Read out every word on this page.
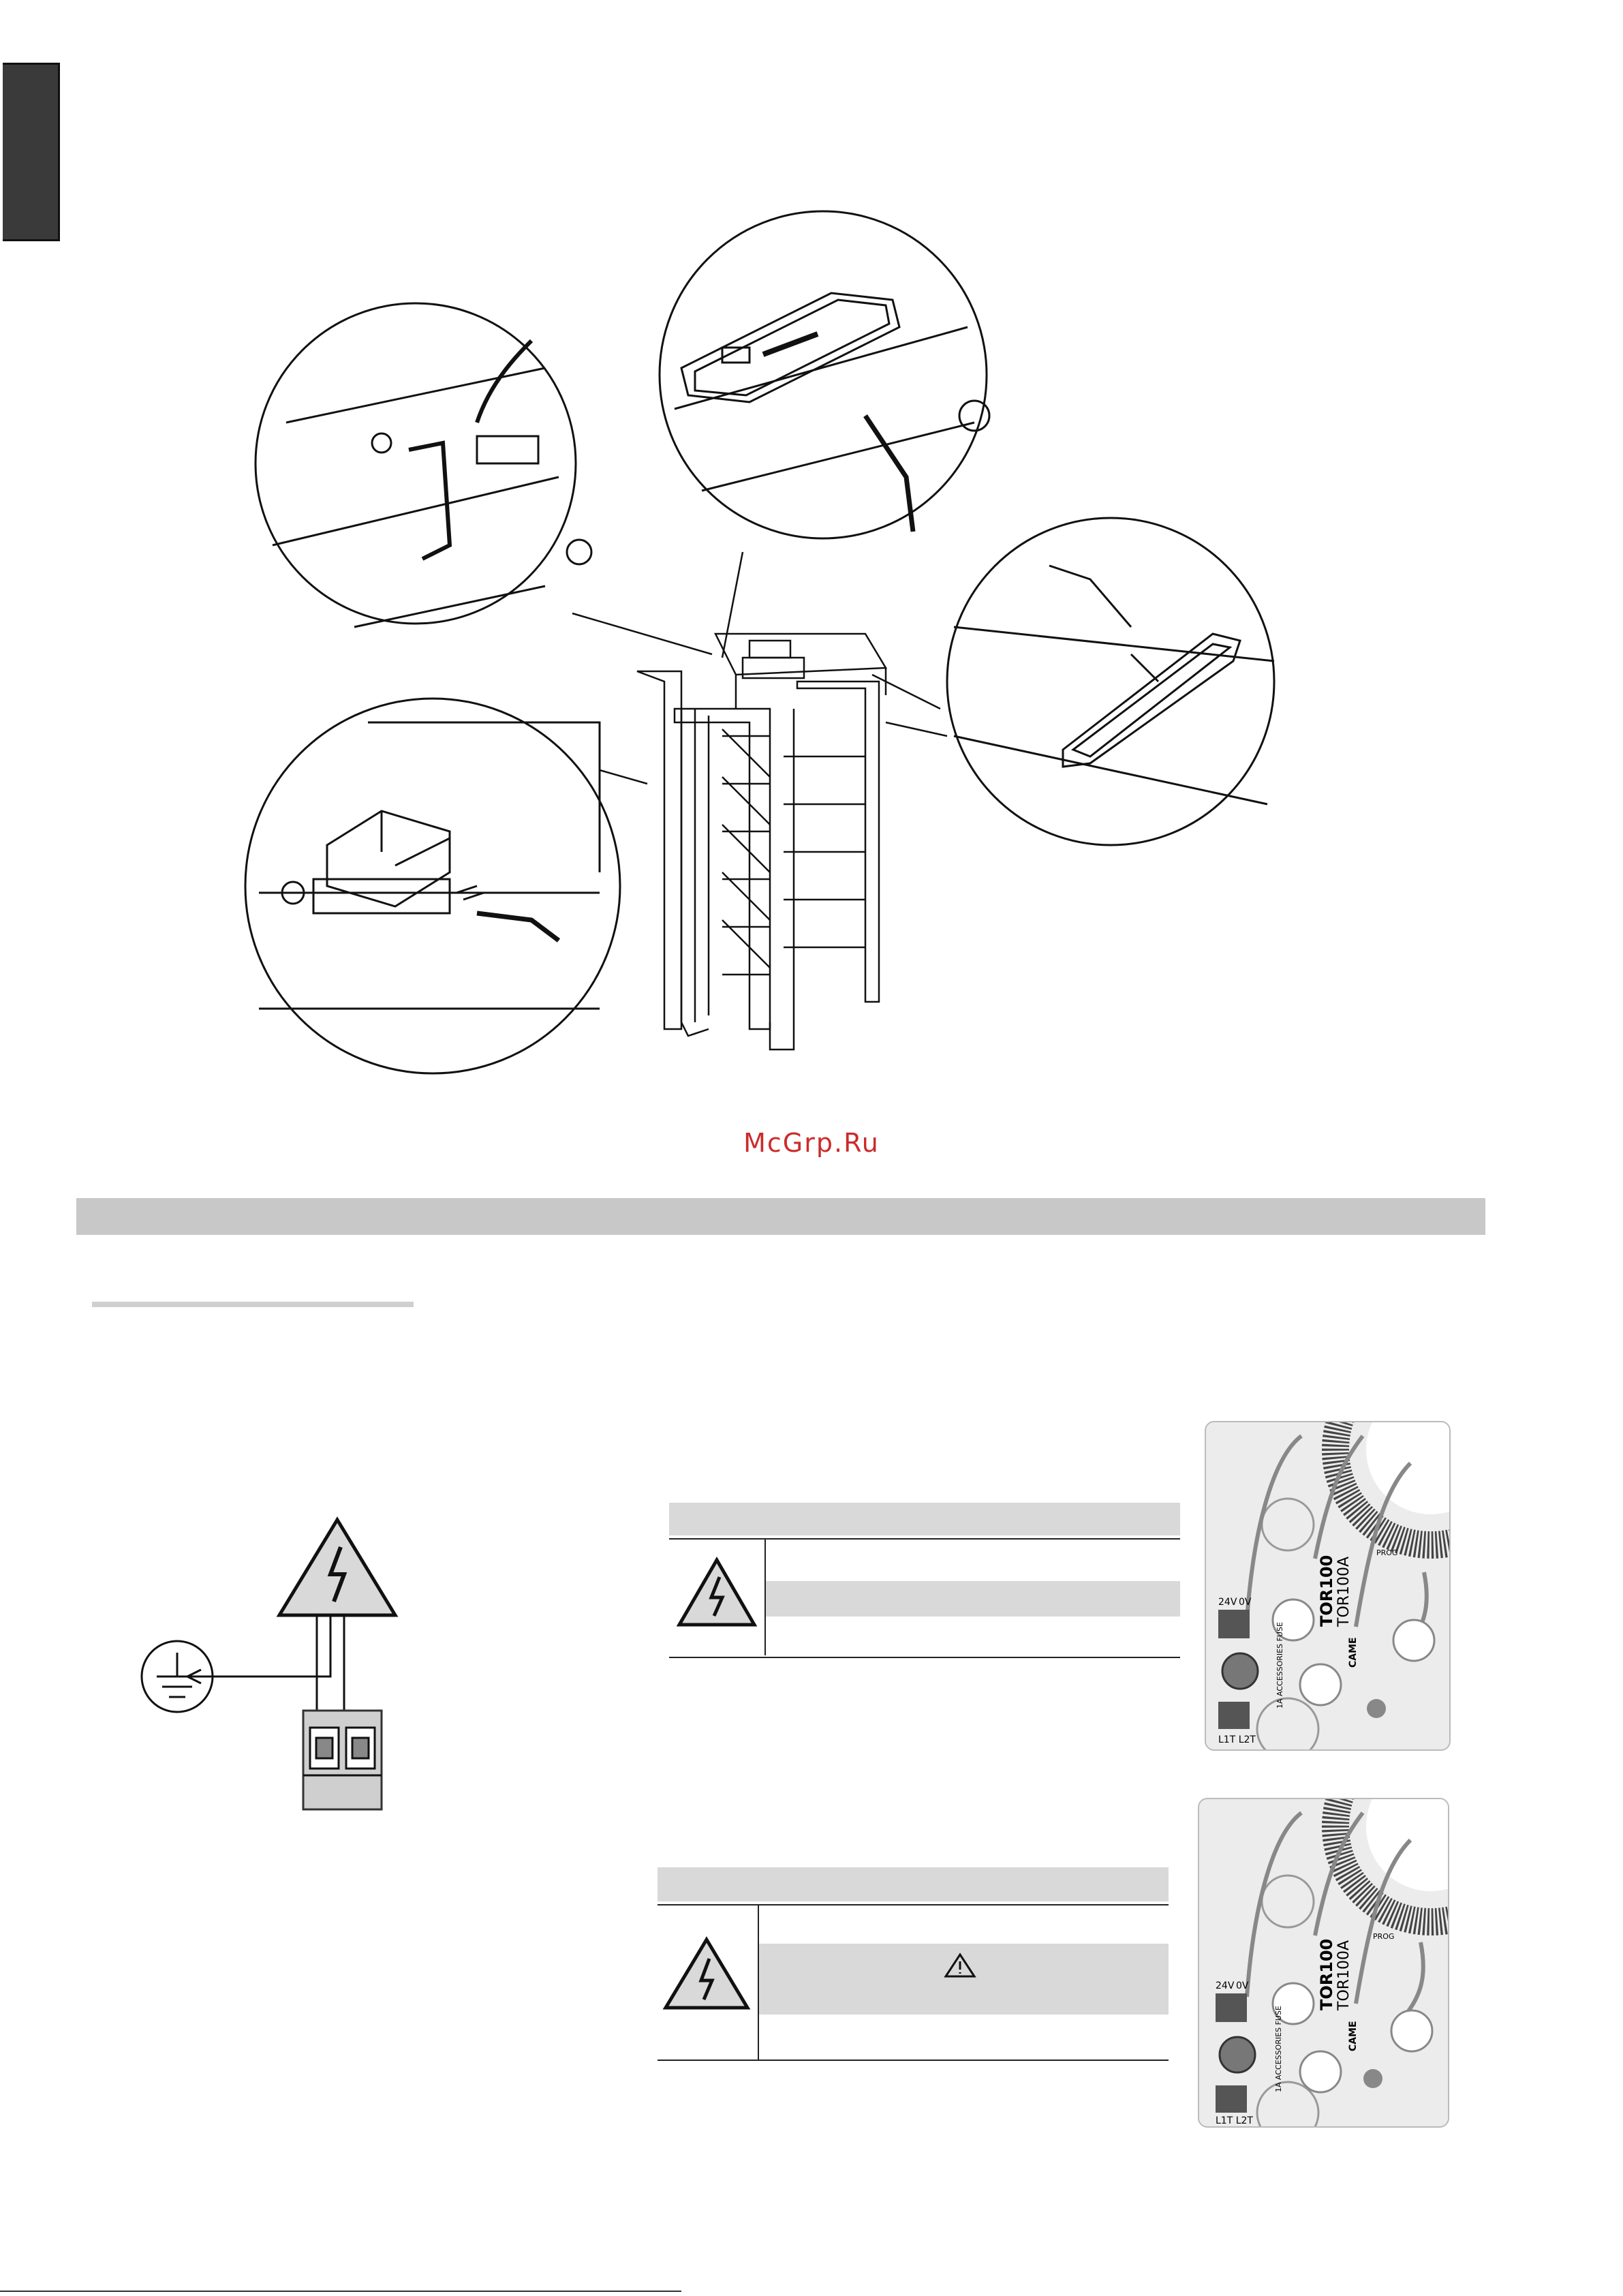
McGrp.Ru
24V 0V
L1T L2T
TOR100 TOR100A
CAME
1A ACCESSORIES FUSE
PROG
24V 0V
L1T L2T
TOR100 TOR100A
CAME
1A ACCESSORIES FUSE
PROG
